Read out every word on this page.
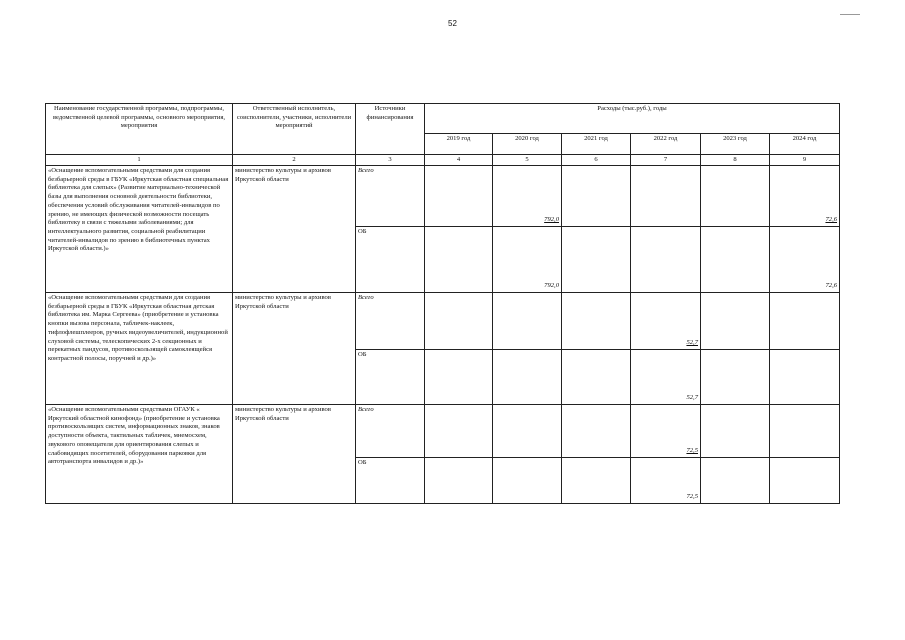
52
Наименование государственной программы, подпрограммы, ведомственной целевой программы, основного мероприятия, мероприятия	Ответственный исполнитель, соисполнители, участники, исполнители мероприятий	Источники финансирования	Расходы (тыс.руб.), годы					
			2019 год	2020 год	2021 год	2022 год	2023 год	2024 год
1	2	3	4	5	6	7	8	9
«Оснащение вспомогательными средствами для создания безбарьерной среды в ГБУК «Иркутская областная специальная библиотека для слепых» (Развитие материально-технической базы для выполнения основной деятельности библиотеки, обеспечения условий обслуживания читателей-инвалидов по зрению, не имеющих физической возможности посещать библиотеку в связи с тяжелыми заболеваниями; для интеллектуального развития, социальной реабилитации читателей-инвалидов по зрению в библиотечных пунктах Иркутской области.)»	министерство культуры и архивов Иркутской области	Всего		792,0				72,6
		ОБ		792,0				72,6
«Оснащение вспомогательными средствами для создания безбарьерной среды в ГБУК «Иркутская областная детская библиотека им. Марка Сергеева» (приобретение и установка кнопки вызова персонала, табличек-наклеек, тифлофлешплееров, ручных видеоувеличителей, индукционной слуховой системы, телескопических 2-х секционных и перекатных пандусов, противоскользящей самоклеящейся контрастной полосы, поручней и др.)»	министерство культуры и архивов Иркутской области	Всего				52,7		
		ОБ				52,7		
«Оснащение вспомогательными средствами ОГАУК « Иркутский областной кинофонд» (приобретение и установка противоскользящих систем, информационных знаков, знаков доступности объекта, тактильных табличек, мнемосхем, звукового оповещателя для ориентирования слепых и слабовидящих посетителей, оборудования парковки для автотранспорта инвалидов и др.)»	министерство культуры и архивов Иркутской области	Всего				72,5		
		ОБ				72,5		
